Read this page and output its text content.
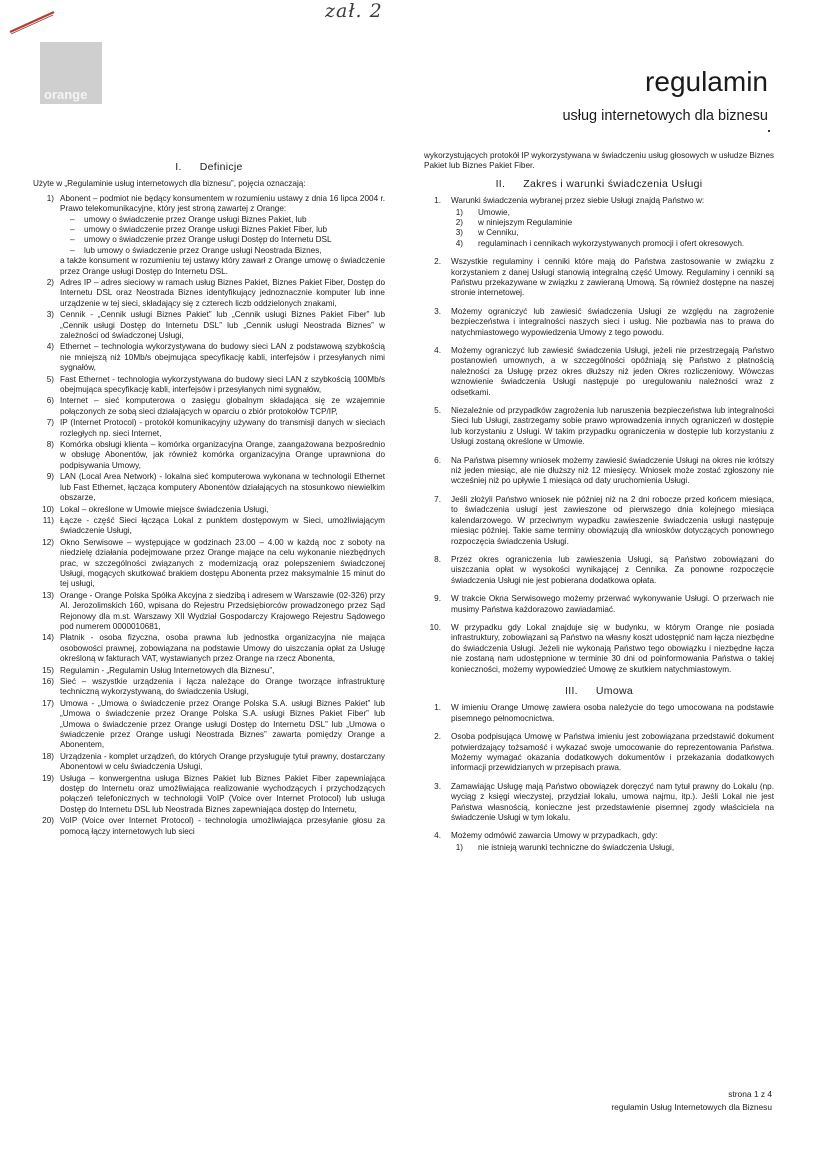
zał. 2
orange	regulamin
usług internetowych dla biznesu
I. Definicje

Użyte w „Regulaminie usług internetowych dla biznesu”, pojęcia oznaczają:

1) Abonent – podmiot nie będący konsumentem w rozumieniu ustawy z dnia 16 lipca 2004 r. Prawo telekomunikacyjne, który jest stroną zawartej z Orange:
– umowy o świadczenie przez Orange usługi Biznes Pakiet, lub
– umowy o świadczenie przez Orange usługi Biznes Pakiet Fiber, lub
– umowy o świadczenie przez Orange usługi Dostęp do Internetu DSL
– lub umowy o świadczenie przez Orange usługi Neostrada Biznes,

a także konsument w rozumieniu tej ustawy który zawarł z Orange umowę o świadczenie przez Orange usługi Dostęp do Internetu DSL.

2) Adres IP – adres sieciowy w ramach usług Biznes Pakiet, Biznes Pakiet Fiber, Dostęp do Internetu DSL oraz Neostrada Biznes identyfikujący jednoznacznie komputer lub inne urządzenie w tej sieci, składający się z czterech liczb oddzielonych znakami,
3) Cennik - „Cennik usługi Biznes Pakiet” lub „Cennik usługi Biznes Pakiet Fiber” lub „Cennik usługi Dostęp do Internetu DSL” lub „Cennik usługi Neostrada Biznes” w zależności od świadczonej Usługi,
4) Ethernet – technologia wykorzystywana do budowy sieci LAN z podstawową szybkością nie mniejszą niż 10Mb/s obejmująca specyfikację kabli, interfejsów i przesyłanych nimi sygnałów,
5) Fast Ethernet - technologia wykorzystywana do budowy sieci LAN z szybkością 100Mb/s obejmująca specyfikację kabli, interfejsów i przesyłanych nimi sygnałów,
6) Internet – sieć komputerowa o zasięgu globalnym składająca się ze wzajemnie połączonych ze sobą sieci działających w oparciu o zbiór protokołów TCP/IP,
7) IP (Internet Protocol) - protokół komunikacyjny używany do transmisji danych w sieciach rozległych np. sieci Internet,
8) Komórka obsługi klienta – komórka organizacyjna Orange, zaangażowana bezpośrednio w obsługę Abonentów, jak również komórka organizacyjna Orange uprawniona do podpisywania Umowy,
9) LAN (Local Area Network) - lokalna sieć komputerowa wykonana w technologii Ethernet lub Fast Ethernet, łącząca komputery Abonentów działających na stosunkowo niewielkim obszarze,
10) Lokal – określone w Umowie miejsce świadczenia Usługi,
11) Łącze - część Sieci łącząca Lokal z punktem dostępowym w Sieci, umożliwiającym świadczenie Usługi,
12) Okno Serwisowe – występujące w godzinach 23.00 – 4.00 w każdą noc z soboty na niedzielę działania podejmowane przez Orange mające na celu wykonanie niezbędnych prac, w szczególności związanych z modernizacją oraz polepszeniem świadczonej Usługi, mogących skutkować brakiem dostępu Abonenta przez maksymalnie 15 minut do tej usługi,
13) Orange - Orange Polska Spółka Akcyjna z siedzibą i adresem w Warszawie (02-326) przy Al. Jerozolimskich 160, wpisana do Rejestru Przedsiębiorców prowadzonego przez Sąd Rejonowy dla m.st. Warszawy XII Wydział Gospodarczy Krajowego Rejestru Sądowego pod numerem 0000010681,
14) Płatnik - osoba fizyczna, osoba prawna lub jednostka organizacyjna nie mająca osobowości prawnej, zobowiązana na podstawie Umowy do uiszczania opłat za Usługę określoną w fakturach VAT, wystawianych przez Orange na rzecz Abonenta,
15) Regulamin - „Regulamin Usług Internetowych dla Biznesu”,
16) Sieć – wszystkie urządzenia i łącza należące do Orange tworzące infrastrukturę techniczną wykorzystywaną, do świadczenia Usługi,
17) Umowa - „Umowa o świadczenie przez Orange Polska S.A. usługi Biznes Pakiet” lub „Umowa o świadczenie przez Orange Polska S.A. usługi Biznes Pakiet Fiber” lub „Umowa o świadczenie przez Orange usługi Dostęp do Internetu DSL” lub „Umowa o świadczenie przez Orange usługi Neostrada Biznes” zawarta pomiędzy Orange a Abonentem,
18) Urządzenia - komplet urządzeń, do których Orange przysługuje tytuł prawny, dostarczany Abonentowi w celu świadczenia Usługi,
19) Usługa – konwergentna usługa Biznes Pakiet lub Biznes Pakiet Fiber zapewniająca dostęp do Internetu oraz umożliwiająca realizowanie wychodzących i przychodzących połączeń telefonicznych w technologii VoIP (Voice over Internet Protocol) lub usługa Dostęp do Internetu DSL lub Neostrada Biznes zapewniająca dostęp do Internetu,
20) VoIP (Voice over Internet Protocol) - technologia umożliwiająca przesyłanie głosu za pomocą łączy internetowych lub sieci

wykorzystujących protokół IP wykorzystywana w świadczeniu usług głosowych w usłudze Biznes Pakiet lub Biznes Pakiet Fiber.

II. Zakres i warunki świadczenia Usługi
1. Warunki świadczenia wybranej przez siebie Usługi znajdą Państwo w:
1) Umowie,
2) w niniejszym Regulaminie
3) w Cenniku,
4) regulaminach i cennikach wykorzystywanych promocji i ofert okresowych.
2. Wszystkie regulaminy i cenniki które mają do Państwa zastosowanie w związku z korzystaniem z danej Usługi stanowią integralną część Umowy. Regulaminy i cenniki są Państwu przekazywane w związku z zawieraną Umową. Są również dostępne na naszej stronie internetowej.
3. Możemy ograniczyć lub zawiesić świadczenia Usługi ze względu na zagrożenie bezpieczeństwa i integralności naszych sieci i usług. Nie pozbawia nas to prawa do natychmiastowego wypowiedzenia Umowy z tego powodu.
4. Możemy ograniczyć lub zawiesić świadczenia Usługi, jeżeli nie przestrzegają Państwo postanowień umownych, a w szczególności opóźniają się Państwo z płatnością należności za Usługę przez okres dłuższy niż jeden Okres rozliczeniowy. Wówczas wznowienie świadczenia Usługi następuje po uregulowaniu należności wraz z odsetkami.
5. Niezależnie od przypadków zagrożenia lub naruszenia bezpieczeństwa lub integralności Sieci lub Usługi, zastrzegamy sobie prawo wprowadzenia innych ograniczeń w dostępie lub korzystaniu z Usługi. W takim przypadku ograniczenia w dostępie lub korzystaniu z Usługi zostaną określone w Umowie.
6. Na Państwa pisemny wniosek możemy zawiesić świadczenie Usługi na okres nie krótszy niż jeden miesiąc, ale nie dłuższy niż 12 miesięcy. Wniosek może zostać zgłoszony nie wcześniej niż po upływie 1 miesiąca od daty uruchomienia Usługi.
7. Jeśli złożyli Państwo wniosek nie później niż na 2 dni robocze przed końcem miesiąca, to świadczenia usługi jest zawieszone od pierwszego dnia kolejnego miesiąca kalendarzowego. W przeciwnym wypadku zawieszenie świadczenia usługi następuje miesiąc później. Takie same terminy obowiązują dla wniosków dotyczących ponownego rozpoczęcia świadczenia Usługi.
8. Przez okres ograniczenia lub zawieszenia Usługi, są Państwo zobowiązani do uiszczania opłat w wysokości wynikającej z Cennika. Za ponowne rozpoczęcie świadczenia Usługi nie jest pobierana dodatkowa opłata.
9. W trakcie Okna Serwisowego możemy przerwać wykonywanie Usługi. O przerwach nie musimy Państwa każdorazowo zawiadamiać.
10. W przypadku gdy Lokal znajduje się w budynku, w którym Orange nie posiada infrastruktury, zobowiązani są Państwo na własny koszt udostępnić nam łącza niezbędne do świadczenia Usługi. Jeżeli nie wykonają Państwo tego obowiązku i niezbędne łącza nie zostaną nam udostępnione w terminie 30 dni od poinformowania Państwa o takiej konieczności, możemy wypowiedzieć Umowę ze skutkiem natychmiastowym.
III. Umowa
1. W imieniu Orange Umowę zawiera osoba należycie do tego umocowana na podstawie pisemnego pełnomocnictwa.
2. Osoba podpisująca Umowę w Państwa imieniu jest zobowiązana przedstawić dokument potwierdzający tożsamość i wykazać swoje umocowanie do reprezentowania Państwa. Możemy wymagać okazania dodatkowych dokumentów i przekazania dodatkowych informacji przewidzianych w przepisach prawa.
3. Zamawiając Usługę mają Państwo obowiązek doręczyć nam tytuł prawny do Lokalu (np. wyciąg z księgi wieczystej, przydział lokalu, umowa najmu, itp.). Jeśli Lokal nie jest Państwa własnością, konieczne jest przedstawienie pisemnej zgody właściciela na świadczenie Usługi w tym lokalu.
4. Możemy odmówić zawarcia Umowy w przypadkach, gdy:
1) nie istnieją warunki techniczne do świadczenia Usługi,
strona 1 z 4
regulamin Usług Internetowych dla Biznesu
